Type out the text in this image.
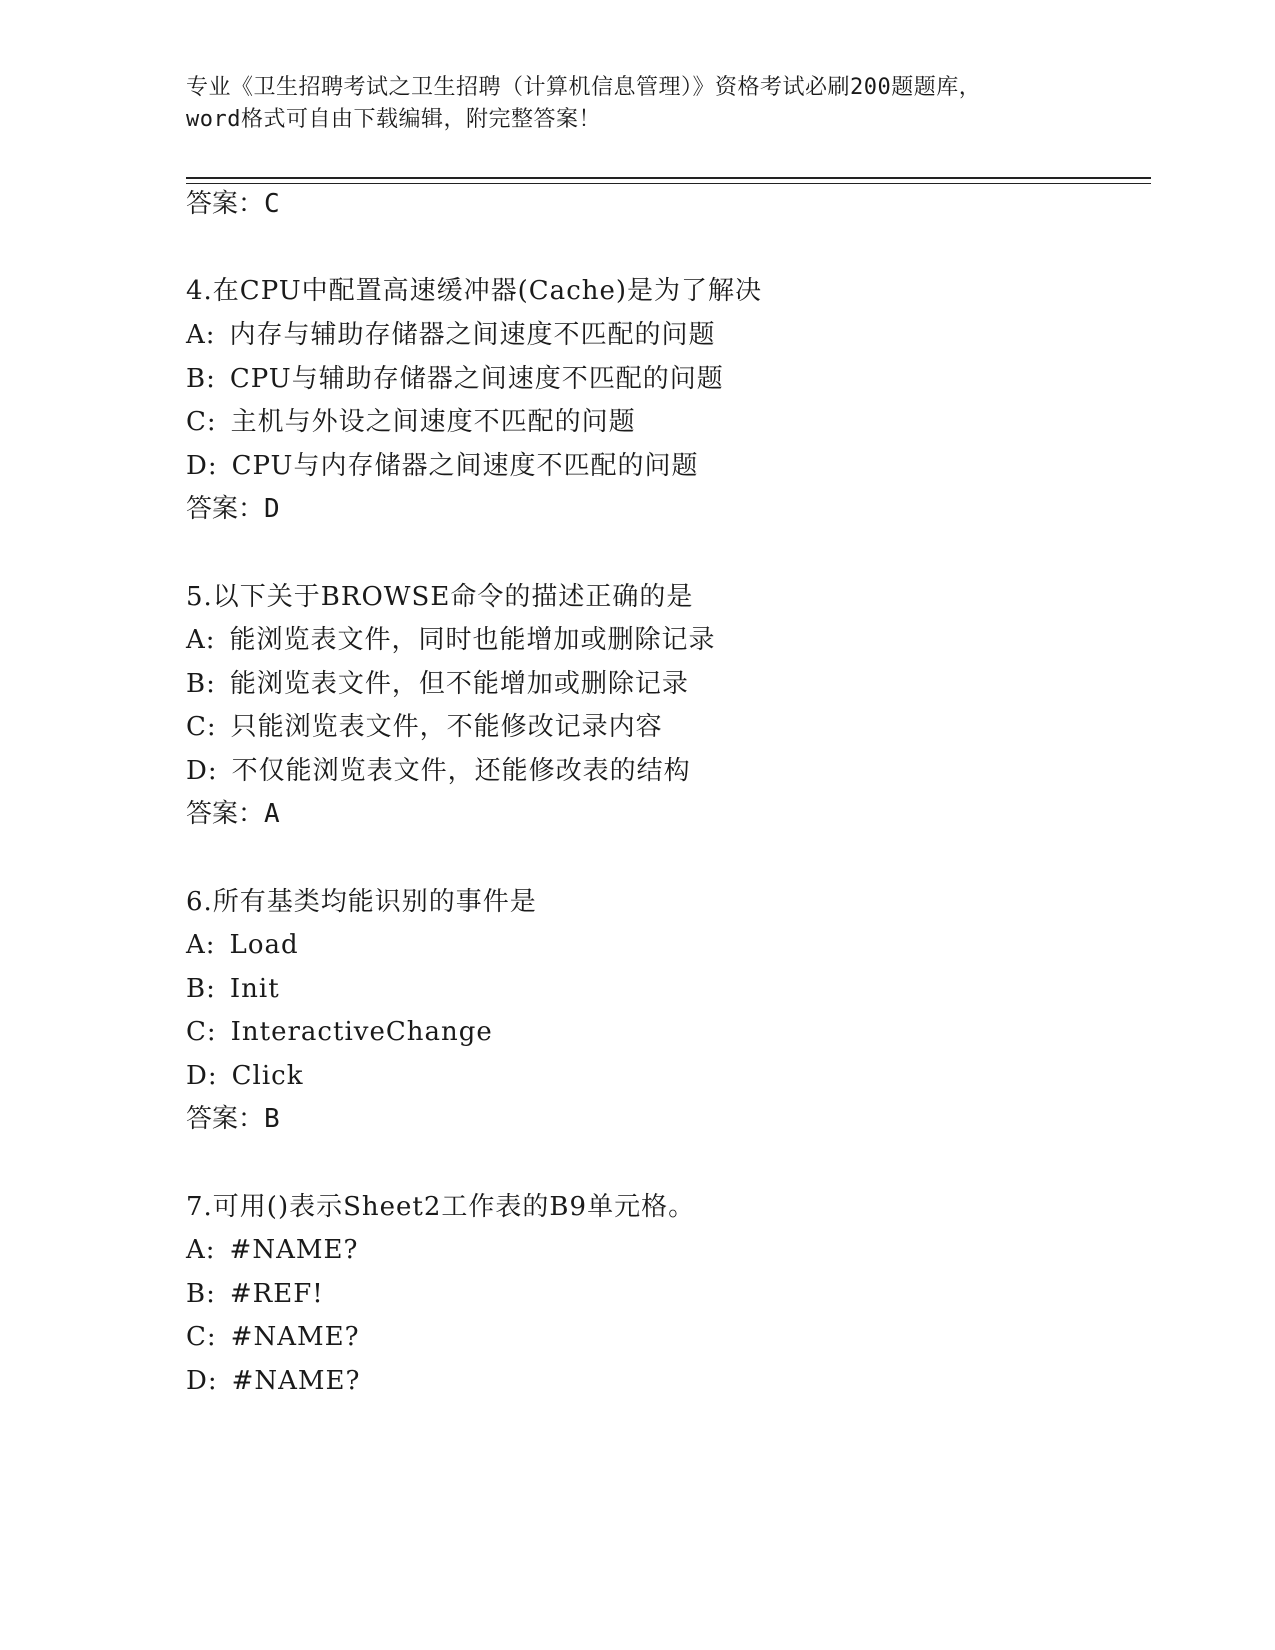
专业《卫生招聘考试之卫生招聘（计算机信息管理）》资格考试必刷200题题库，
word格式可自由下载编辑，附完整答案！
答案：C
4.在CPU中配置高速缓冲器(Cache)是为了解决
A: 内存与辅助存储器之间速度不匹配的问题
B: CPU与辅助存储器之间速度不匹配的问题
C: 主机与外设之间速度不匹配的问题
D: CPU与内存储器之间速度不匹配的问题
答案：D
5.以下关于BROWSE命令的描述正确的是
A: 能浏览表文件，同时也能增加或删除记录
B: 能浏览表文件，但不能增加或删除记录
C: 只能浏览表文件，不能修改记录内容
D: 不仅能浏览表文件，还能修改表的结构
答案：A
6.所有基类均能识别的事件是
A: Load
B: Init
C: InteractiveChange
D: Click
答案：B
7.可用()表示Sheet2工作表的B9单元格。
A: #NAME?
B: #REF!
C: #NAME?
D: #NAME?
